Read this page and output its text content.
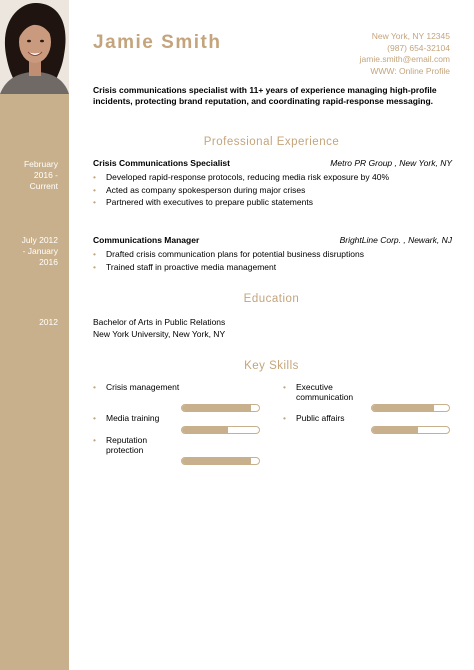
Jamie Smith	New York, NY 12345
(987) 654-32104
jamie.smith@email.com
WWW: Online Profile
Crisis communications specialist with 11+ years of experience managing high-profile incidents, protecting brand reputation, and coordinating rapid-response messaging.
Professional Experience
February
2016 -
Current
Crisis Communications Specialist	Metro PR Group , New York, NY
• Developed rapid-response protocols, reducing media risk exposure by 40%
• Acted as company spokesperson during major crises
• Partnered with executives to prepare public statements
July 2012
- January
2016
Communications Manager	BrightLine Corp. , Newark, NJ
• Drafted crisis communication plans for potential business disruptions
• Trained staff in proactive media management
Education
2012	Bachelor of Arts in Public Relations
New York University, New York, NY
Key Skills
• Crisis management	• Executive communication
• Media training	• Public affairs
• Reputation protection
